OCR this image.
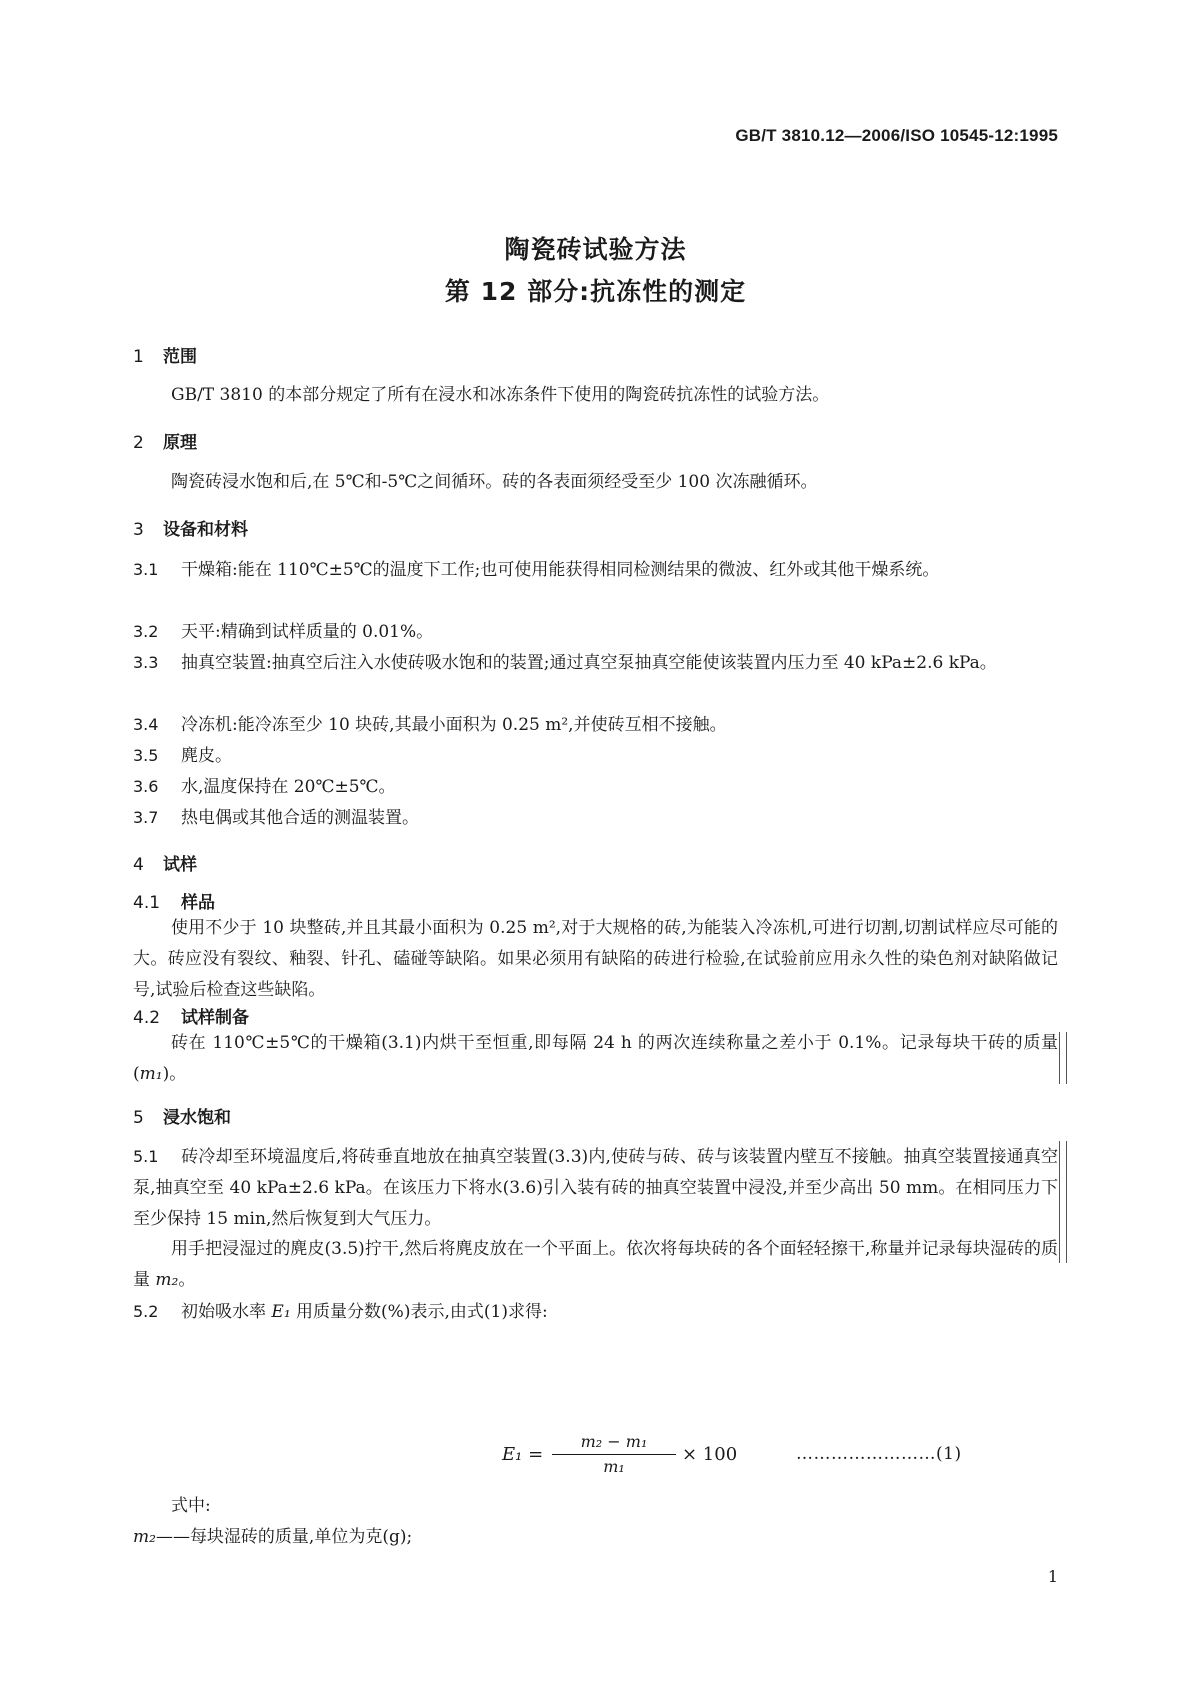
GB/T 3810.12—2006/ISO 10545-12:1995
陶瓷砖试验方法
第 12 部分:抗冻性的测定
1 范围
GB/T 3810 的本部分规定了所有在浸水和冰冻条件下使用的陶瓷砖抗冻性的试验方法。
2 原理
陶瓷砖浸水饱和后,在 5℃和-5℃之间循环。砖的各表面须经受至少 100 次冻融循环。
3 设备和材料
3.1 干燥箱:能在 110℃±5℃的温度下工作;也可使用能获得相同检测结果的微波、红外或其他干燥系统。
3.2 天平:精确到试样质量的 0.01%。
3.3 抽真空装置:抽真空后注入水使砖吸水饱和的装置;通过真空泵抽真空能使该装置内压力至 40 kPa±2.6 kPa。
3.4 冷冻机:能冷冻至少 10 块砖,其最小面积为 0.25 m²,并使砖互相不接触。
3.5 麂皮。
3.6 水,温度保持在 20℃±5℃。
3.7 热电偶或其他合适的测温装置。
4 试样
4.1 样品
使用不少于 10 块整砖,并且其最小面积为 0.25 m²,对于大规格的砖,为能装入冷冻机,可进行切割,切割试样应尽可能的大。砖应没有裂纹、釉裂、针孔、磕碰等缺陷。如果必须用有缺陷的砖进行检验,在试验前应用永久性的染色剂对缺陷做记号,试验后检查这些缺陷。
4.2 试样制备
砖在 110℃±5℃的干燥箱(3.1)内烘干至恒重,即每隔 24 h 的两次连续称量之差小于 0.1%。记录每块干砖的质量(m₁)。
5 浸水饱和
5.1 砖冷却至环境温度后,将砖垂直地放在抽真空装置(3.3)内,使砖与砖、砖与该装置内壁互不接触。抽真空装置接通真空泵,抽真空至 40 kPa±2.6 kPa。在该压力下将水(3.6)引入装有砖的抽真空装置中浸没,并至少高出 50 mm。在相同压力下至少保持 15 min,然后恢复到大气压力。
用手把浸湿过的麂皮(3.5)拧干,然后将麂皮放在一个平面上。依次将每块砖的各个面轻轻擦干,称量并记录每块湿砖的质量 m₂。
5.2 初始吸水率 E₁ 用质量分数(%)表示,由式(1)求得:
$E_1 = \frac{\text{m₂ − m₁}}{\text{m₁}} \times 100$	……………………(1)
式中:
m₂——每块湿砖的质量,单位为克(g);
1
